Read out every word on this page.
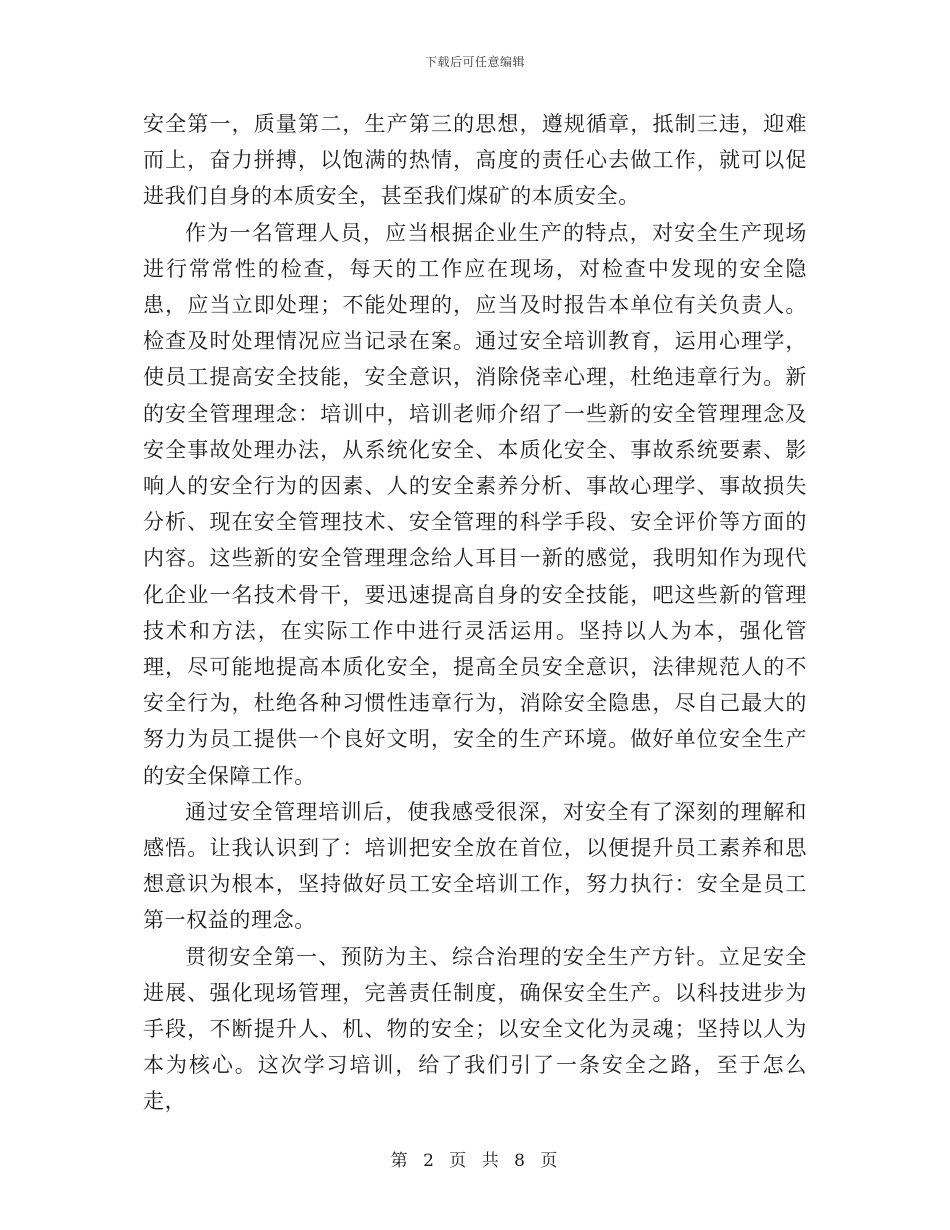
下载后可任意编辑

安全第一，质量第二，生产第三的思想，遵规循章，抵制三违，迎难而上，奋力拼搏，以饱满的热情，高度的责任心去做工作，就可以促进我们自身的本质安全，甚至我们煤矿的本质安全。

作为一名管理人员，应当根据企业生产的特点，对安全生产现场进行常常性的检查，每天的工作应在现场，对检查中发现的安全隐患，应当立即处理；不能处理的，应当及时报告本单位有关负责人。检查及时处理情况应当记录在案。通过安全培训教育，运用心理学，使员工提高安全技能，安全意识，消除侥幸心理，杜绝违章行为。新的安全管理理念：培训中，培训老师介绍了一些新的安全管理理念及安全事故处理办法，从系统化安全、本质化安全、事故系统要素、影响人的安全行为的因素、人的安全素养分析、事故心理学、事故损失分析、现在安全管理技术、安全管理的科学手段、安全评价等方面的内容。这些新的安全管理理念给人耳目一新的感觉，我明知作为现代化企业一名技术骨干，要迅速提高自身的安全技能，吧这些新的管理技术和方法，在实际工作中进行灵活运用。坚持以人为本，强化管理，尽可能地提高本质化安全，提高全员安全意识，法律规范人的不安全行为，杜绝各种习惯性违章行为，消除安全隐患，尽自己最大的努力为员工提供一个良好文明，安全的生产环境。做好单位安全生产的安全保障工作。

通过安全管理培训后，使我感受很深，对安全有了深刻的理解和感悟。让我认识到了：培训把安全放在首位，以便提升员工素养和思想意识为根本，坚持做好员工安全培训工作，努力执行：安全是员工第一权益的理念。

贯彻安全第一、预防为主、综合治理的安全生产方针。立足安全进展、强化现场管理，完善责任制度，确保安全生产。以科技进步为手段，不断提升人、机、物的安全；以安全文化为灵魂；坚持以人为本为核心。这次学习培训，给了我们引了一条安全之路，至于怎么走，

第 2 页 共 8 页
